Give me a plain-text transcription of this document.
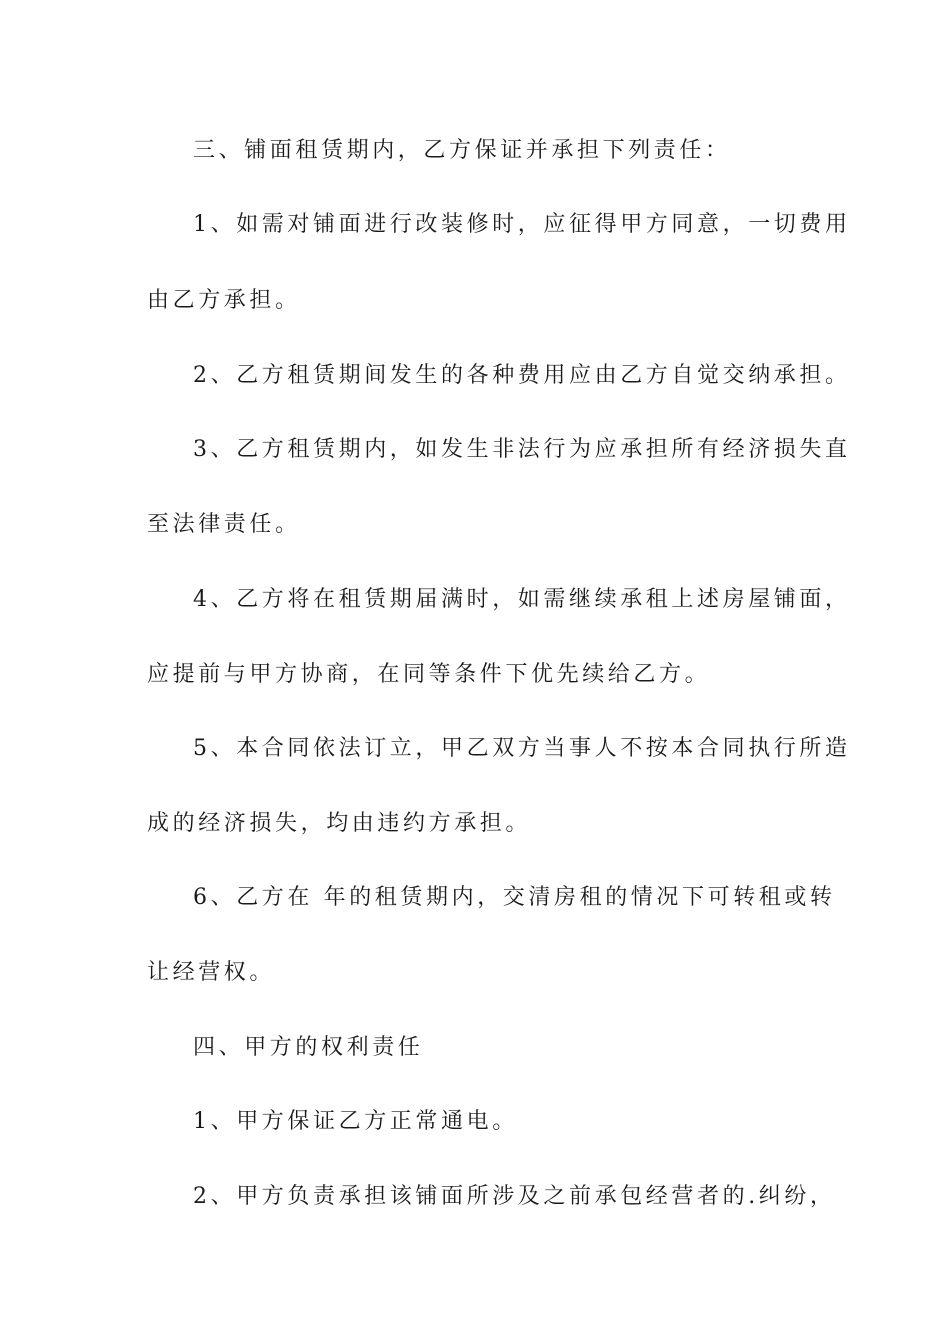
三、铺面租赁期内，乙方保证并承担下列责任：
1、如需对铺面进行改装修时，应征得甲方同意，一切费用
由乙方承担。
2、乙方租赁期间发生的各种费用应由乙方自觉交纳承担。
3、乙方租赁期内，如发生非法行为应承担所有经济损失直
至法律责任。
4、乙方将在租赁期届满时，如需继续承租上述房屋铺面，
应提前与甲方协商，在同等条件下优先续给乙方。
5、本合同依法订立，甲乙双方当事人不按本合同执行所造
成的经济损失，均由违约方承担。
6、乙方在 年的租赁期内，交清房租的情况下可转租或转
让经营权。
四、甲方的权利责任
1、甲方保证乙方正常通电。
2、甲方负责承担该铺面所涉及之前承包经营者的.纠纷，
